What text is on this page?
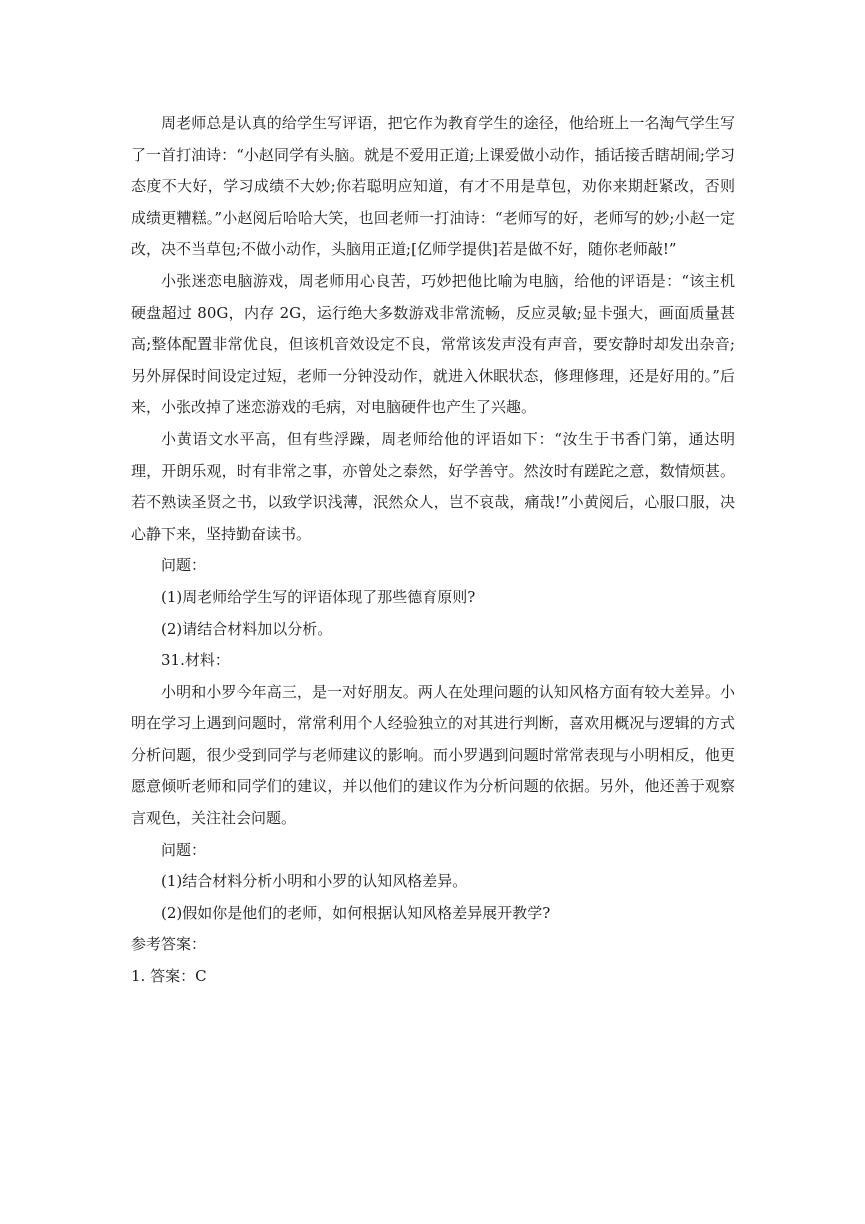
周老师总是认真的给学生写评语，把它作为教育学生的途径，他给班上一名淘气学生写了一首打油诗：“小赵同学有头脑。就是不爱用正道;上课爱做小动作，插话接舌瞎胡闹;学习态度不大好，学习成绩不大妙;你若聪明应知道，有才不用是草包，劝你来期赶紧改，否则成绩更糟糕。”小赵阅后哈哈大笑，也回老师一打油诗：“老师写的好，老师写的妙;小赵一定改，决不当草包;不做小动作，头脑用正道;[亿师学提供]若是做不好，随你老师敲!”

小张迷恋电脑游戏，周老师用心良苦，巧妙把他比喻为电脑，给他的评语是：“该主机硬盘超过 80G，内存 2G，运行绝大多数游戏非常流畅，反应灵敏;显卡强大，画面质量甚高;整体配置非常优良，但该机音效设定不良，常常该发声没有声音，要安静时却发出杂音;另外屏保时间设定过短，老师一分钟没动作，就进入休眠状态，修理修理，还是好用的。”后来，小张改掉了迷恋游戏的毛病，对电脑硬件也产生了兴趣。

小黄语文水平高，但有些浮躁，周老师给他的评语如下：“汝生于书香门第，通达明理，开朗乐观，时有非常之事，亦曾处之泰然，好学善守。然汝时有蹉跎之意，数情烦甚。若不熟读圣贤之书，以致学识浅薄，泯然众人，岂不哀哉，痛哉!”小黄阅后，心服口服，决心静下来，坚持勤奋读书。

问题：

(1)周老师给学生写的评语体现了那些德育原则?

(2)请结合材料加以分析。

31.材料：

小明和小罗今年高三，是一对好朋友。两人在处理问题的认知风格方面有较大差异。小明在学习上遇到问题时，常常利用个人经验独立的对其进行判断，喜欢用概况与逻辑的方式分析问题，很少受到同学与老师建议的影响。而小罗遇到问题时常常表现与小明相反，他更愿意倾听老师和同学们的建议，并以他们的建议作为分析问题的依据。另外，他还善于观察言观色，关注社会问题。

问题：

(1)结合材料分析小明和小罗的认知风格差异。

(2)假如你是他们的老师，如何根据认知风格差异展开教学?

参考答案：

1. 答案：C
